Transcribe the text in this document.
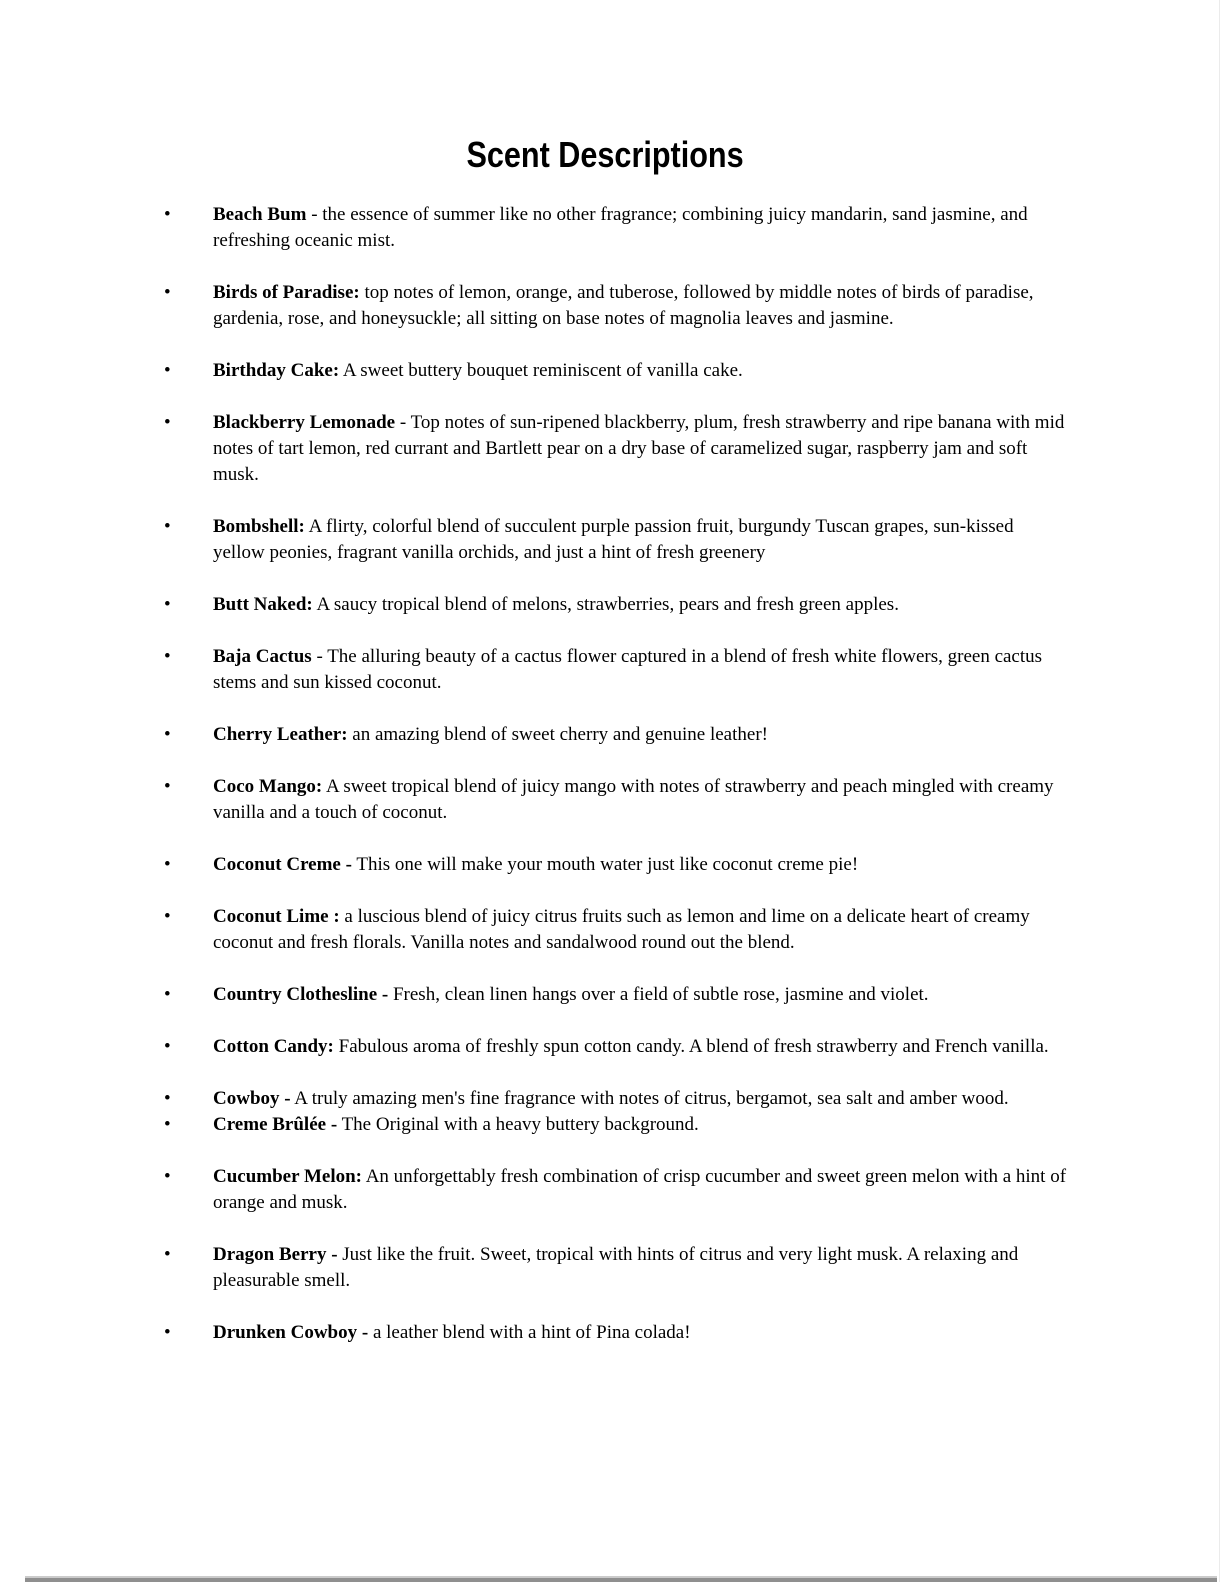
Scent Descriptions
• Beach Bum - the essence of summer like no other fragrance; combining juicy mandarin, sand jasmine, and refreshing oceanic mist.
• Birds of Paradise: top notes of lemon, orange, and tuberose, followed by middle notes of birds of paradise, gardenia, rose, and honeysuckle; all sitting on base notes of magnolia leaves and jasmine.
• Birthday Cake: A sweet buttery bouquet reminiscent of vanilla cake.
• Blackberry Lemonade - Top notes of sun-ripened blackberry, plum, fresh strawberry and ripe banana with mid notes of tart lemon, red currant and Bartlett pear on a dry base of caramelized sugar, raspberry jam and soft musk.
• Bombshell: A flirty, colorful blend of succulent purple passion fruit, burgundy Tuscan grapes, sun-kissed yellow peonies, fragrant vanilla orchids, and just a hint of fresh greenery
• Butt Naked: A saucy tropical blend of melons, strawberries, pears and fresh green apples.
• Baja Cactus - The alluring beauty of a cactus flower captured in a blend of fresh white flowers, green cactus stems and sun kissed coconut.
• Cherry Leather: an amazing blend of sweet cherry and genuine leather!
• Coco Mango: A sweet tropical blend of juicy mango with notes of strawberry and peach mingled with creamy vanilla and a touch of coconut.
• Coconut Creme - This one will make your mouth water just like coconut creme pie!
• Coconut Lime : a luscious blend of juicy citrus fruits such as lemon and lime on a delicate heart of creamy coconut and fresh florals. Vanilla notes and sandalwood round out the blend.
• Country Clothesline - Fresh, clean linen hangs over a field of subtle rose, jasmine and violet.
• Cotton Candy: Fabulous aroma of freshly spun cotton candy. A blend of fresh strawberry and French vanilla.
• Cowboy - A truly amazing men's fine fragrance with notes of citrus, bergamot, sea salt and amber wood.
• Creme Brûlée - The Original with a heavy buttery background.
• Cucumber Melon: An unforgettably fresh combination of crisp cucumber and sweet green melon with a hint of orange and musk.
• Dragon Berry - Just like the fruit. Sweet, tropical with hints of citrus and very light musk. A relaxing and pleasurable smell.
• Drunken Cowboy - a leather blend with a hint of Pina colada!
